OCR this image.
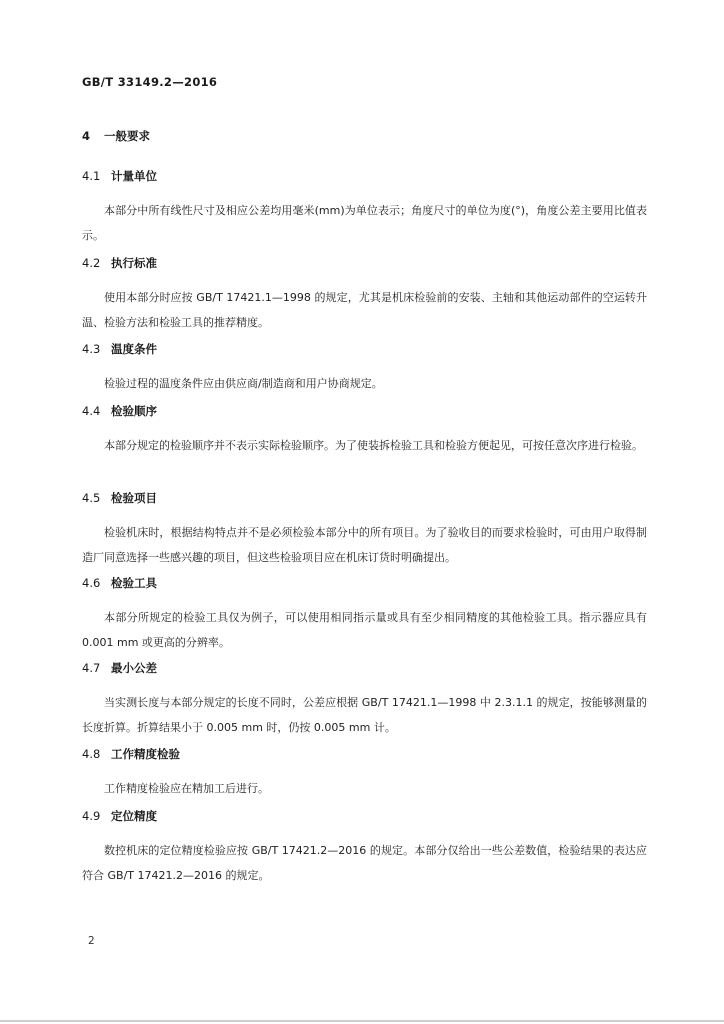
GB/T 33149.2—2016
4 一般要求
4.1 计量单位
本部分中所有线性尺寸及相应公差均用毫米(mm)为单位表示；角度尺寸的单位为度(°)，角度公差主要用比值表示。
4.2 执行标准
使用本部分时应按 GB/T 17421.1—1998 的规定，尤其是机床检验前的安装、主轴和其他运动部件的空运转升温、检验方法和检验工具的推荐精度。
4.3 温度条件
检验过程的温度条件应由供应商/制造商和用户协商规定。
4.4 检验顺序
本部分规定的检验顺序并不表示实际检验顺序。为了使装拆检验工具和检验方便起见，可按任意次序进行检验。
4.5 检验项目
检验机床时，根据结构特点并不是必须检验本部分中的所有项目。为了验收目的而要求检验时，可由用户取得制造厂同意选择一些感兴趣的项目，但这些检验项目应在机床订货时明确提出。
4.6 检验工具
本部分所规定的检验工具仅为例子，可以使用相同指示量或具有至少相同精度的其他检验工具。指示器应具有 0.001 mm 或更高的分辨率。
4.7 最小公差
当实测长度与本部分规定的长度不同时，公差应根据 GB/T 17421.1—1998 中 2.3.1.1 的规定，按能够测量的长度折算。折算结果小于 0.005 mm 时，仍按 0.005 mm 计。
4.8 工作精度检验
工作精度检验应在精加工后进行。
4.9 定位精度
数控机床的定位精度检验应按 GB/T 17421.2—2016 的规定。本部分仅给出一些公差数值，检验结果的表达应符合 GB/T 17421.2—2016 的规定。
2
